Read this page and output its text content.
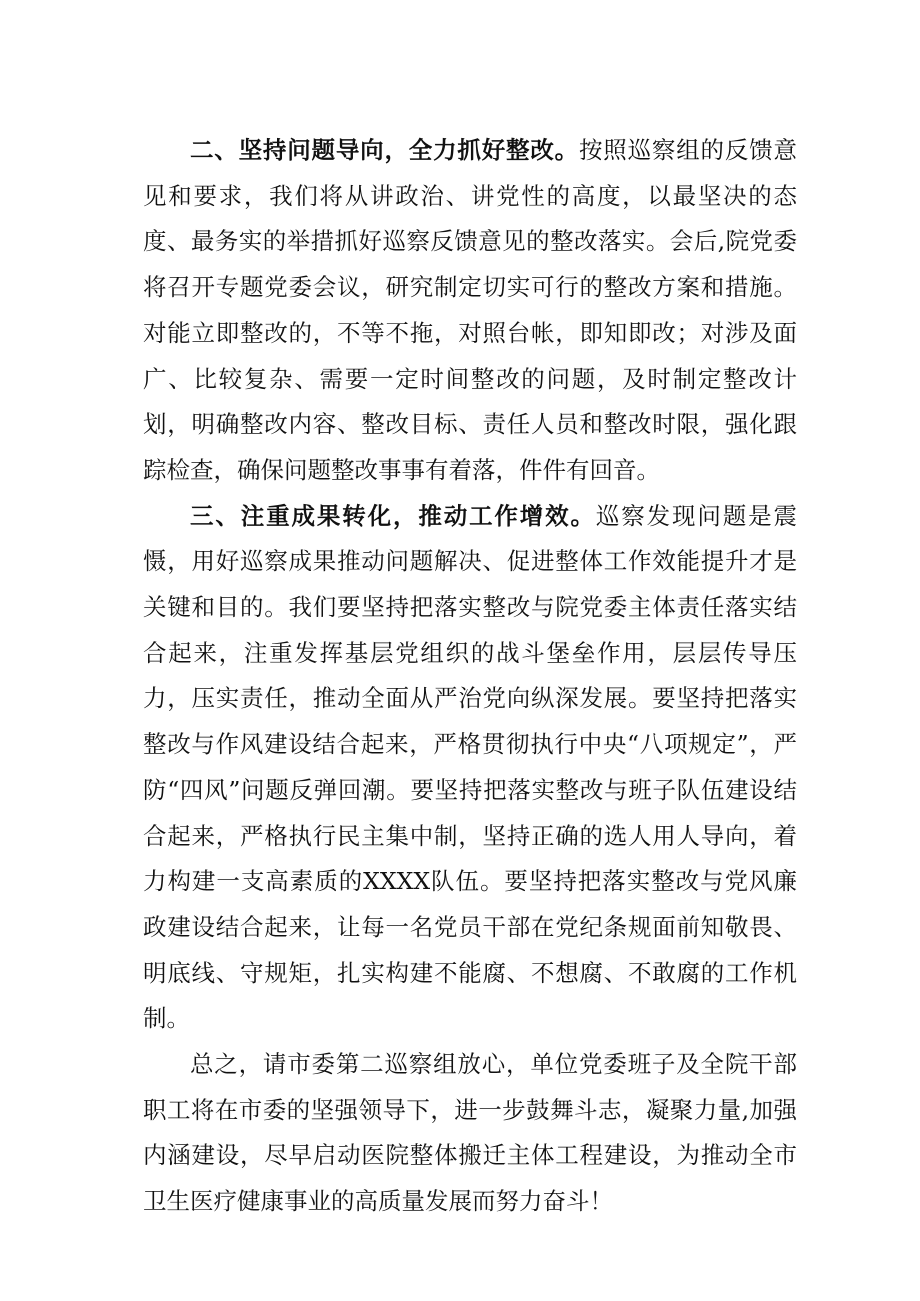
二、坚持问题导向，全力抓好整改。按照巡察组的反馈意见和要求，我们将从讲政治、讲党性的高度，以最坚决的态度、最务实的举措抓好巡察反馈意见的整改落实。会后,院党委将召开专题党委会议，研究制定切实可行的整改方案和措施。对能立即整改的，不等不拖，对照台帐，即知即改；对涉及面广、比较复杂、需要一定时间整改的问题，及时制定整改计划，明确整改内容、整改目标、责任人员和整改时限，强化跟踪检查，确保问题整改事事有着落，件件有回音。

三、注重成果转化，推动工作增效。巡察发现问题是震慑，用好巡察成果推动问题解决、促进整体工作效能提升才是关键和目的。我们要坚持把落实整改与院党委主体责任落实结合起来，注重发挥基层党组织的战斗堡垒作用，层层传导压力，压实责任，推动全面从严治党向纵深发展。要坚持把落实整改与作风建设结合起来，严格贯彻执行中央“八项规定”，严防“四风”问题反弹回潮。要坚持把落实整改与班子队伍建设结合起来，严格执行民主集中制，坚持正确的选人用人导向，着力构建一支高素质的XXXX队伍。要坚持把落实整改与党风廉政建设结合起来，让每一名党员干部在党纪条规面前知敬畏、明底线、守规矩，扎实构建不能腐、不想腐、不敢腐的工作机制。

总之，请市委第二巡察组放心，单位党委班子及全院干部职工将在市委的坚强领导下，进一步鼓舞斗志，凝聚力量,加强内涵建设，尽早启动医院整体搬迁主体工程建设，为推动全市卫生医疗健康事业的高质量发展而努力奋斗！
